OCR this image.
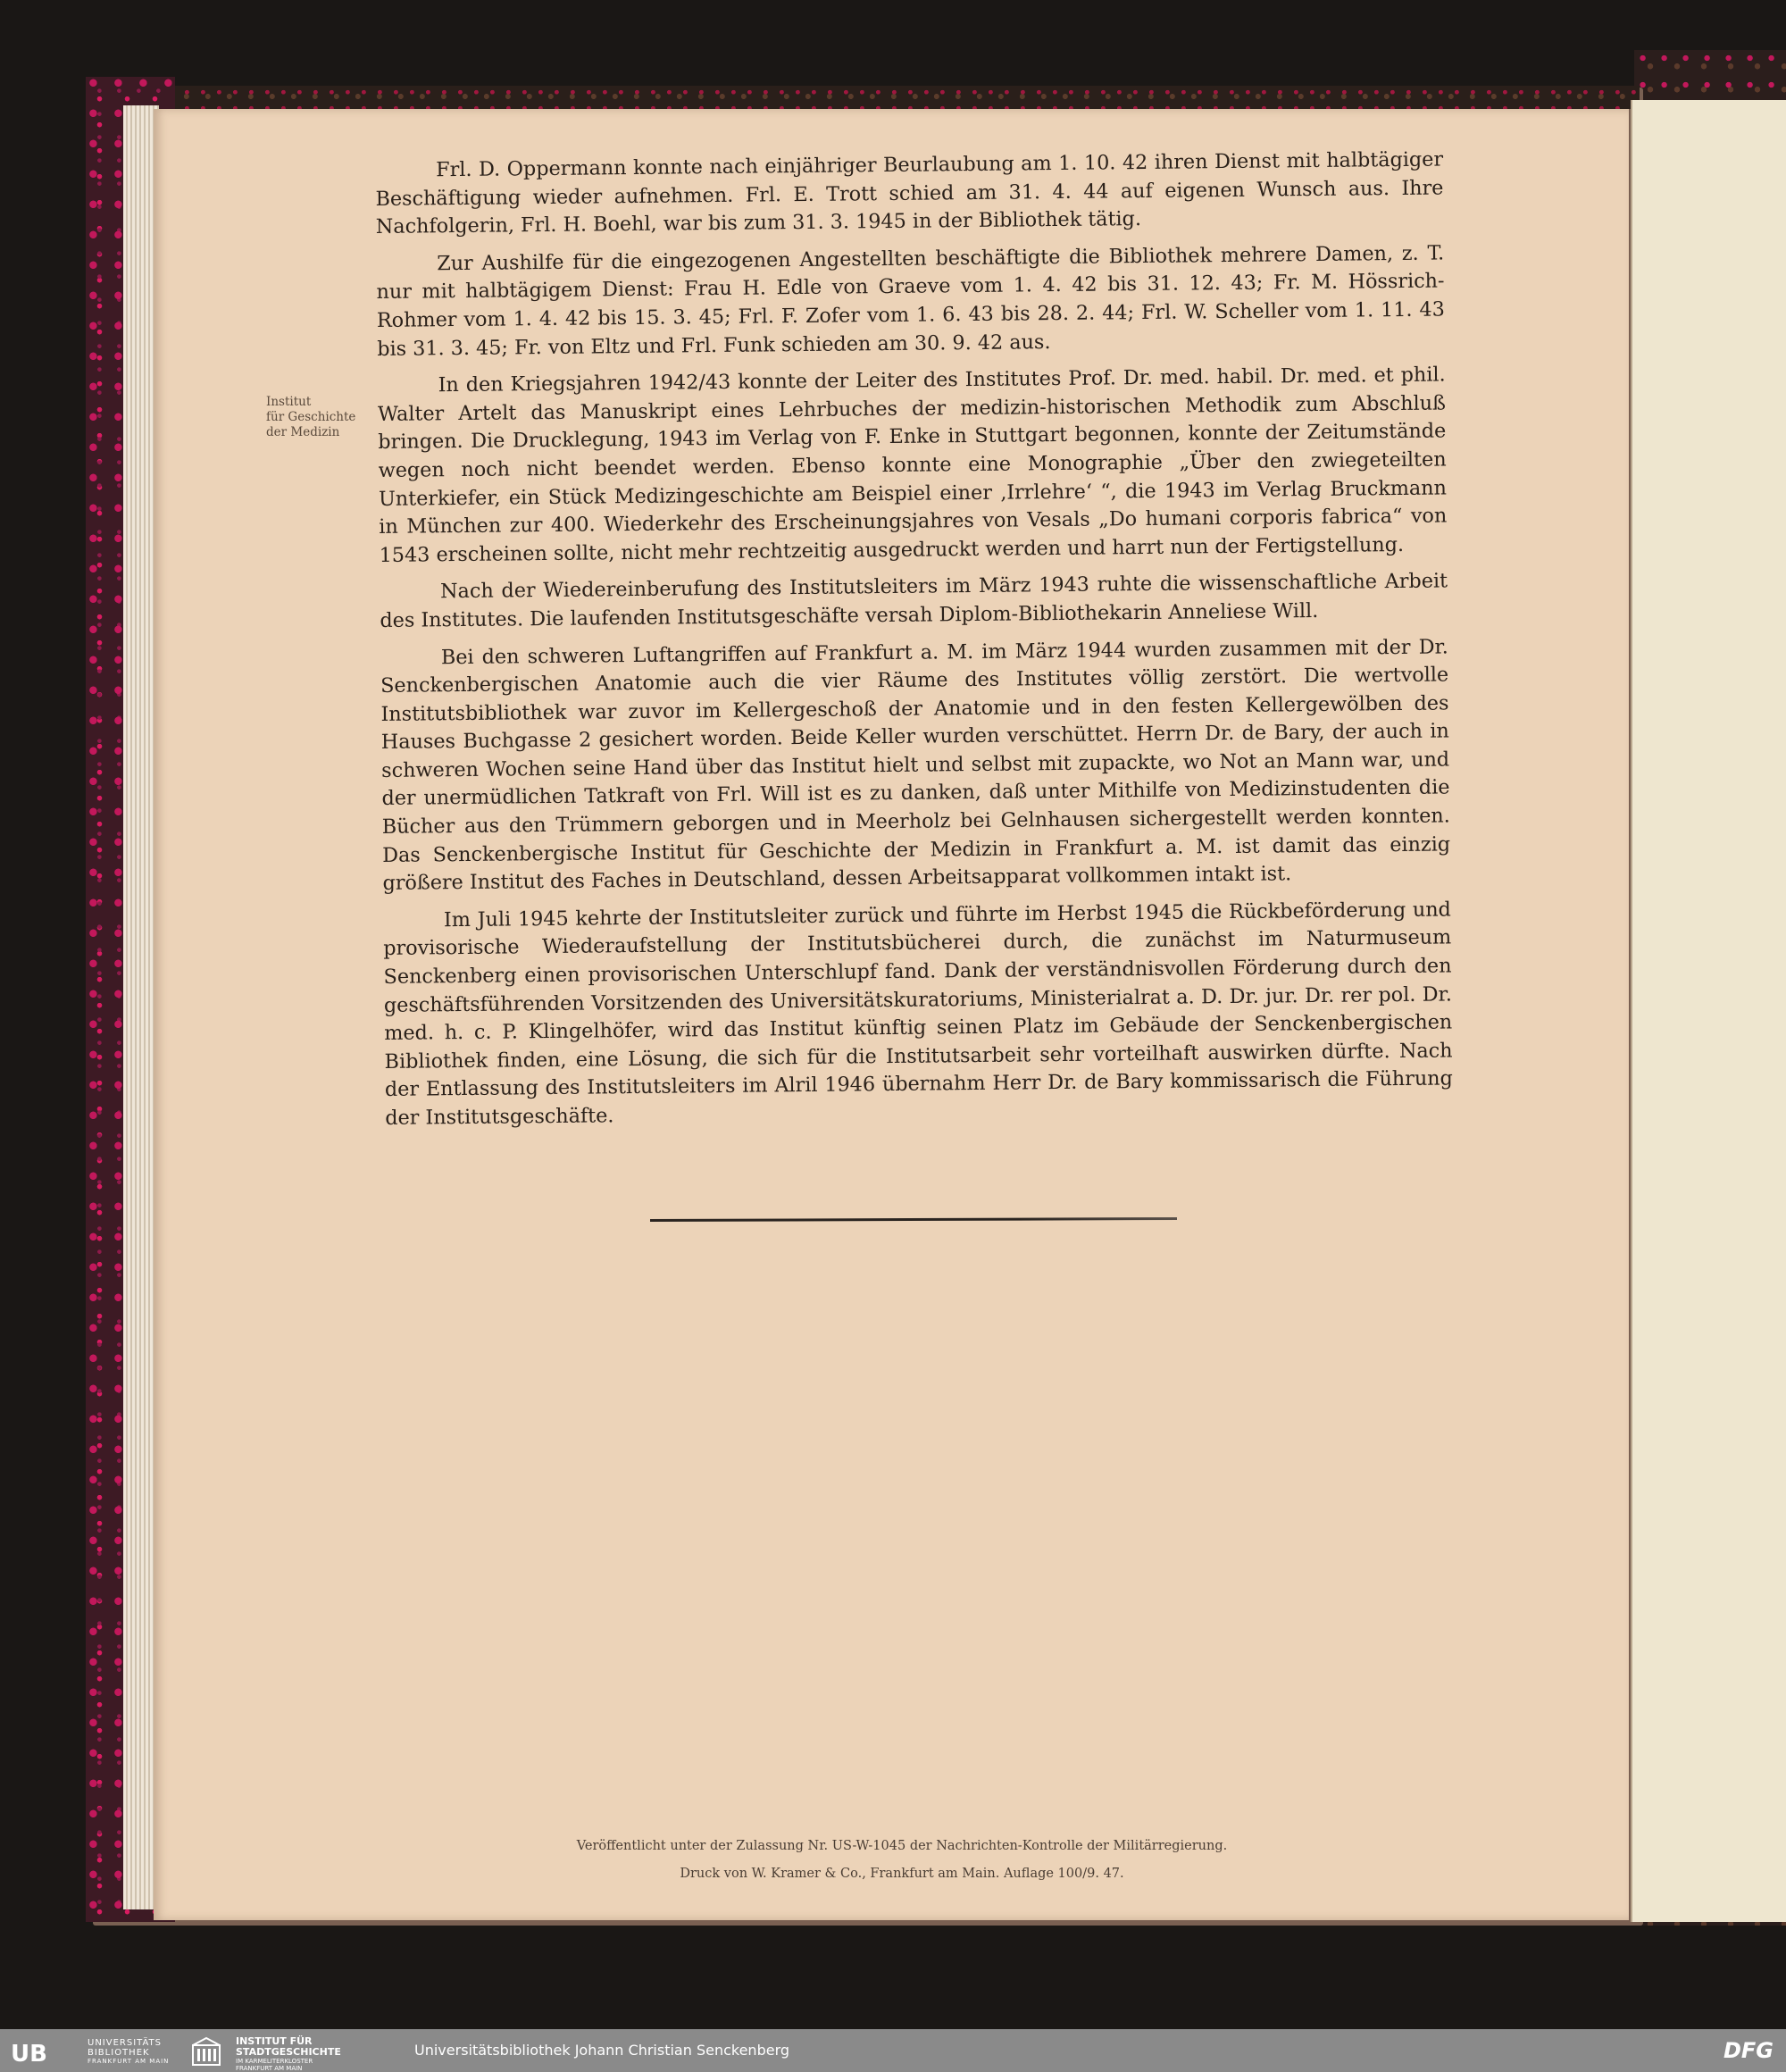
Institut
für Geschichte
der Medizin

Frl. D. Oppermann konnte nach einjähriger Beurlaubung am 1. 10. 42 ihren Dienst mit halbtägiger Beschäftigung wieder aufnehmen. Frl. E. Trott schied am 31. 4. 44 auf eigenen Wunsch aus. Ihre Nachfolgerin, Frl. H. Boehl, war bis zum 31. 3. 1945 in der Bibliothek tätig.

Zur Aushilfe für die eingezogenen Angestellten beschäftigte die Bibliothek mehrere Damen, z. T. nur mit halbtägigem Dienst: Frau H. Edle von Graeve vom 1. 4. 42 bis 31. 12. 43; Fr. M. Hössrich-Rohmer vom 1. 4. 42 bis 15. 3. 45; Frl. F. Zofer vom 1. 6. 43 bis 28. 2. 44; Frl. W. Scheller vom 1. 11. 43 bis 31. 3. 45; Fr. von Eltz und Frl. Funk schieden am 30. 9. 42 aus.

In den Kriegsjahren 1942/43 konnte der Leiter des Institutes Prof. Dr. med. habil. Dr. med. et phil. Walter Artelt das Manuskript eines Lehrbuches der medizin-historischen Methodik zum Abschluß bringen. Die Drucklegung, 1943 im Verlag von F. Enke in Stuttgart begonnen, konnte der Zeitumstände wegen noch nicht beendet werden. Ebenso konnte eine Monographie „Über den zwiegeteilten Unterkiefer, ein Stück Medizingeschichte am Beispiel einer ‚Irrlehre‘ “, die 1943 im Verlag Bruckmann in München zur 400. Wiederkehr des Erscheinungsjahres von Vesals „Do humani corporis fabrica“ von 1543 erscheinen sollte, nicht mehr rechtzeitig ausgedruckt werden und harrt nun der Fertigstellung.

Nach der Wiedereinberufung des Institutsleiters im März 1943 ruhte die wissenschaftliche Arbeit des Institutes. Die laufenden Institutsgeschäfte versah Diplom-Bibliothekarin Anneliese Will.

Bei den schweren Luftangriffen auf Frankfurt a. M. im März 1944 wurden zusammen mit der Dr. Senckenbergischen Anatomie auch die vier Räume des Institutes völlig zerstört. Die wertvolle Institutsbibliothek war zuvor im Kellergeschoß der Anatomie und in den festen Kellergewölben des Hauses Buchgasse 2 gesichert worden. Beide Keller wurden verschüttet. Herrn Dr. de Bary, der auch in schweren Wochen seine Hand über das Institut hielt und selbst mit zupackte, wo Not an Mann war, und der unermüdlichen Tatkraft von Frl. Will ist es zu danken, daß unter Mithilfe von Medizinstudenten die Bücher aus den Trümmern geborgen und in Meerholz bei Gelnhausen sichergestellt werden konnten. Das Senckenbergische Institut für Geschichte der Medizin in Frankfurt a. M. ist damit das einzig größere Institut des Faches in Deutschland, dessen Arbeitsapparat vollkommen intakt ist.

Im Juli 1945 kehrte der Institutsleiter zurück und führte im Herbst 1945 die Rückbeförderung und provisorische Wiederaufstellung der Institutsbücherei durch, die zunächst im Naturmuseum Senckenberg einen provisorischen Unterschlupf fand. Dank der verständnisvollen Förderung durch den geschäftsführenden Vorsitzenden des Universitätskuratoriums, Ministerialrat a. D. Dr. jur. Dr. rer pol. Dr. med. h. c. P. Klingelhöfer, wird das Institut künftig seinen Platz im Gebäude der Senckenbergischen Bibliothek finden, eine Lösung, die sich für die Institutsarbeit sehr vorteilhaft auswirken dürfte. Nach der Entlassung des Institutsleiters im Alril 1946 übernahm Herr Dr. de Bary kommissarisch die Führung der Institutsgeschäfte.

Veröffentlicht unter der Zulassung Nr. US-W-1045 der Nachrichten-Kontrolle der Militärregierung.
Druck von W. Kramer & Co., Frankfurt am Main. Auflage 100/9. 47.
UB	UNIVERSITÄTS
BIBLIOTHEK
FRANKFURT AM MAIN
INSTITUT FÜR
STADTGESCHICHTE
IM KARMELITERKLOSTER
FRANKFURT AM MAIN
Universitätsbibliothek Johann Christian Senckenberg	DFG
